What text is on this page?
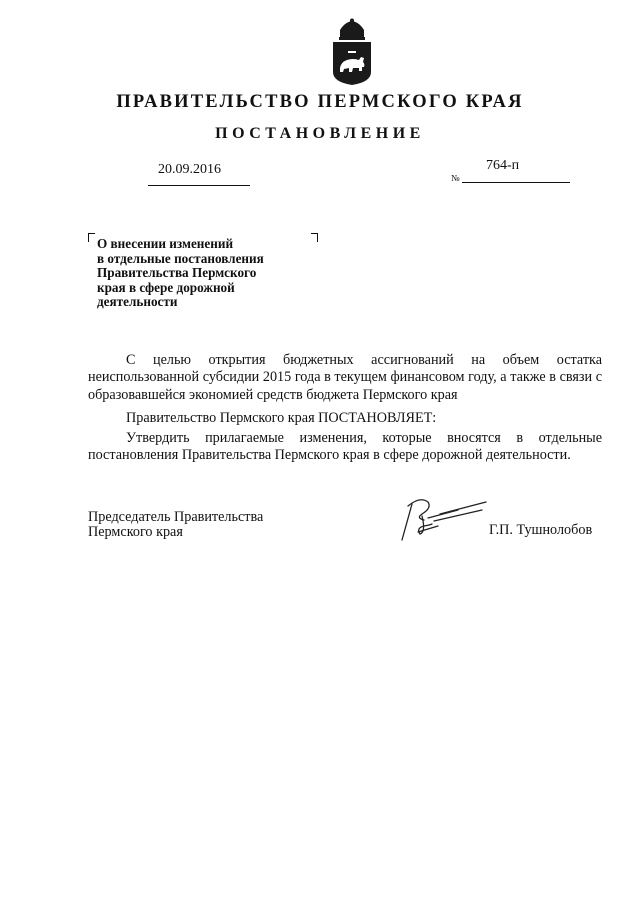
ПРАВИТЕЛЬСТВО ПЕРМСКОГО КРАЯ
ПОСТАНОВЛЕНИЕ
20.09.2016	764-п
№
О внесении изменений
в отдельные постановления
Правительства Пермского
края в сфере дорожной
деятельности
С целью открытия бюджетных ассигнований на объем остатка неиспользованной субсидии 2015 года в текущем финансовом году, а также в связи с образовавшейся экономией средств бюджета Пермского края
Правительство Пермского края ПОСТАНОВЛЯЕТ:
Утвердить прилагаемые изменения, которые вносятся в отдельные постановления Правительства Пермского края в сфере дорожной деятельности.
Председатель Правительства
Пермского края	Г.П. Тушнолобов
